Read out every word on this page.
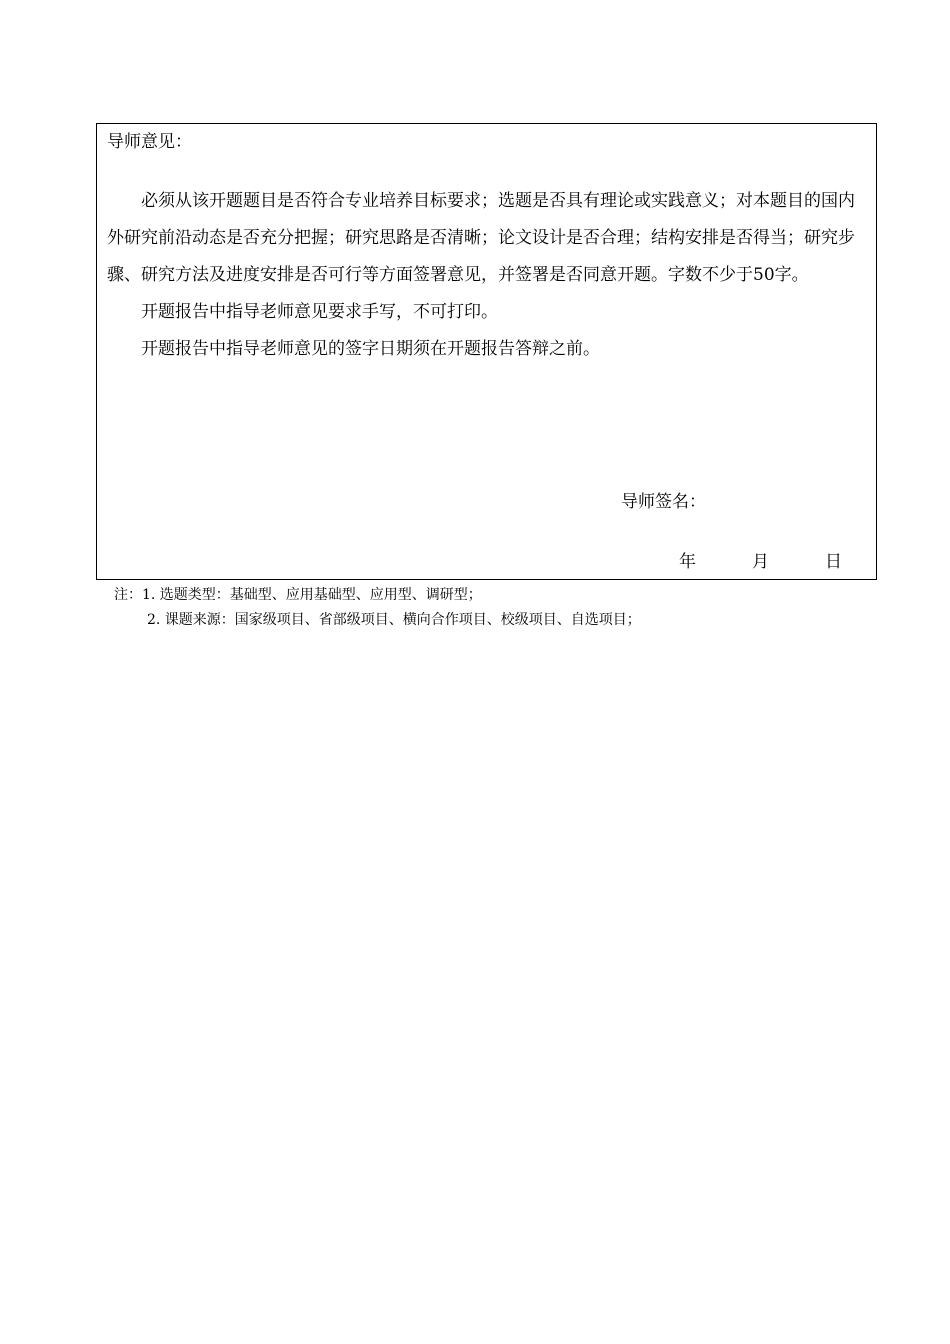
导师意见：

必须从该开题题目是否符合专业培养目标要求；选题是否具有理论或实践意义；对本题目的国内外研究前沿动态是否充分把握；研究思路是否清晰；论文设计是否合理；结构安排是否得当；研究步骤、研究方法及进度安排是否可行等方面签署意见，并签署是否同意开题。字数不少于50字。

开题报告中指导老师意见要求手写，不可打印。

开题报告中指导老师意见的签字日期须在开题报告答辩之前。

导师签名：
年	月	日
注：1. 选题类型：基础型、应用基础型、应用型、调研型；
2. 课题来源：国家级项目、省部级项目、横向合作项目、校级项目、自选项目；
